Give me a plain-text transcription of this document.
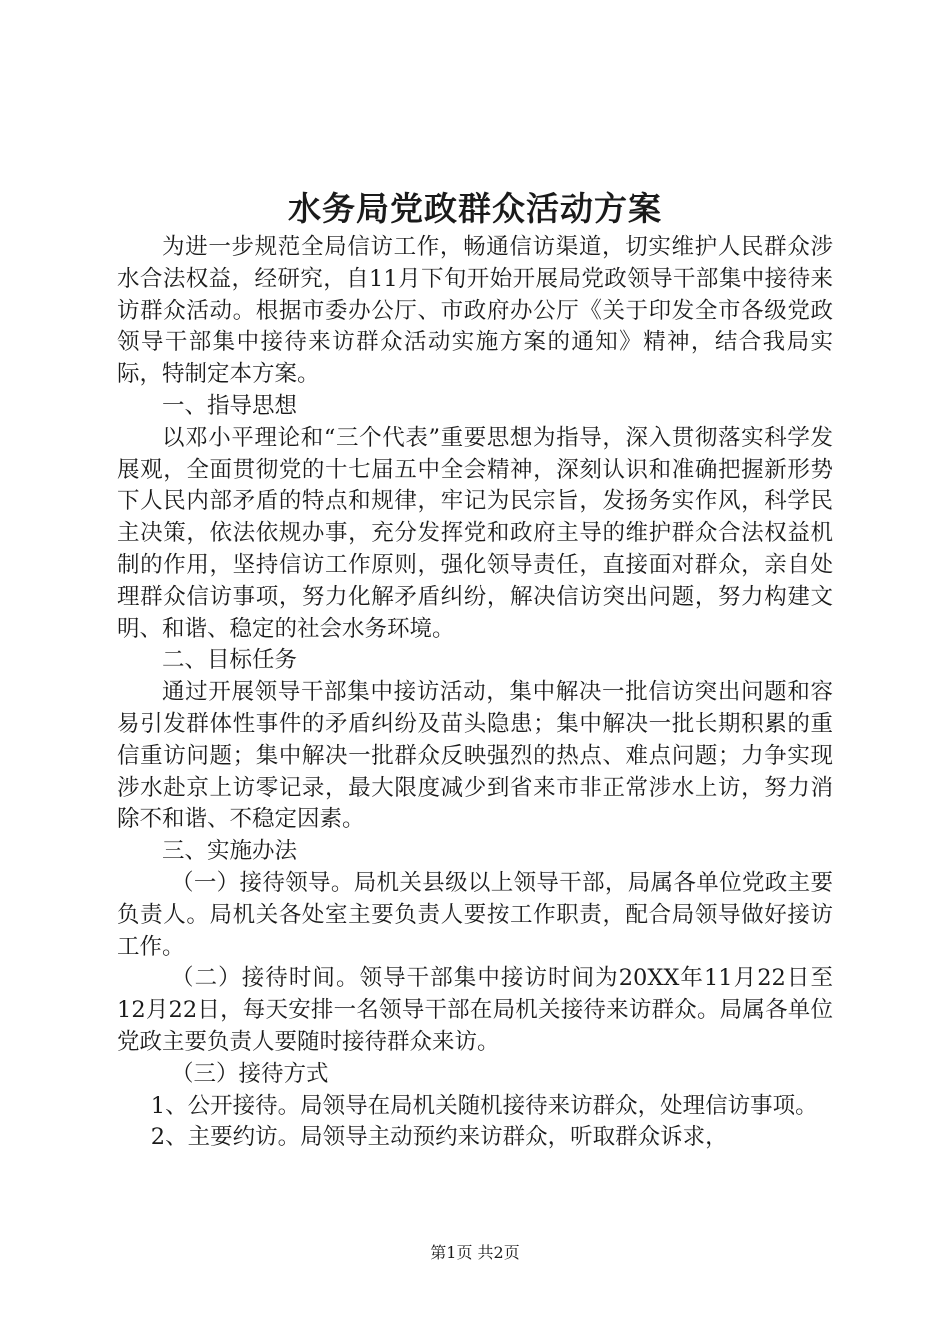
水务局党政群众活动方案

为进一步规范全局信访工作，畅通信访渠道，切实维护人民群众涉水合法权益，经研究，自11月下旬开始开展局党政领导干部集中接待来访群众活动。根据市委办公厅、市政府办公厅《关于印发全市各级党政领导干部集中接待来访群众活动实施方案的通知》精神，结合我局实际，特制定本方案。

一、指导思想

以邓小平理论和“三个代表”重要思想为指导，深入贯彻落实科学发展观，全面贯彻党的十七届五中全会精神，深刻认识和准确把握新形势下人民内部矛盾的特点和规律，牢记为民宗旨，发扬务实作风，科学民主决策，依法依规办事，充分发挥党和政府主导的维护群众合法权益机制的作用，坚持信访工作原则，强化领导责任，直接面对群众，亲自处理群众信访事项，努力化解矛盾纠纷，解决信访突出问题，努力构建文明、和谐、稳定的社会水务环境。

二、目标任务

通过开展领导干部集中接访活动，集中解决一批信访突出问题和容易引发群体性事件的矛盾纠纷及苗头隐患；集中解决一批长期积累的重信重访问题；集中解决一批群众反映强烈的热点、难点问题；力争实现涉水赴京上访零记录，最大限度减少到省来市非正常涉水上访，努力消除不和谐、不稳定因素。

三、实施办法

（一）接待领导。局机关县级以上领导干部，局属各单位党政主要负责人。局机关各处室主要负责人要按工作职责，配合局领导做好接访工作。

（二）接待时间。领导干部集中接访时间为20XX年11月22日至12月22日，每天安排一名领导干部在局机关接待来访群众。局属各单位党政主要负责人要随时接待群众来访。

（三）接待方式

1、公开接待。局领导在局机关随机接待来访群众，处理信访事项。

2、主要约访。局领导主动预约来访群众，听取群众诉求，

第1页 共2页
